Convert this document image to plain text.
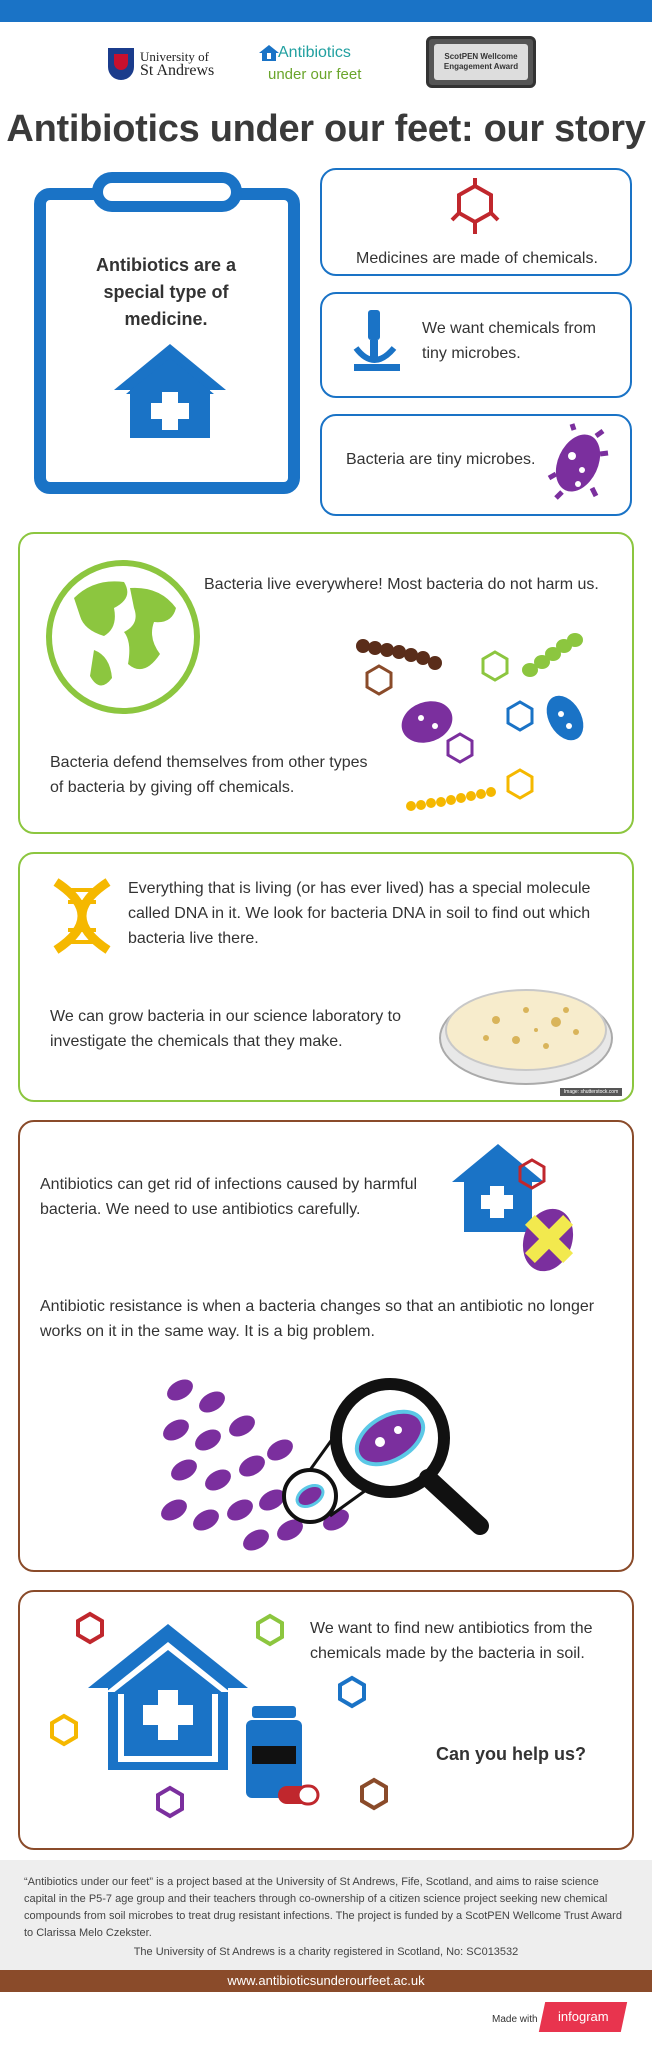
University of
St Andrews
Antibiotics
under our feet
ScotPEN Wellcome Engagement Award
Antibiotics under our feet: our story
Antibiotics are a special type of medicine.
Medicines are made of chemicals.
We want chemicals from tiny microbes.
Bacteria are tiny microbes.
Bacteria live everywhere! Most bacteria do not harm us.
Bacteria defend themselves from other types of bacteria by giving off chemicals.
Everything that is living (or has ever lived) has a special molecule called DNA in it. We look for bacteria DNA in soil to find out which bacteria live there.
We can grow bacteria in our science laboratory to investigate the chemicals that they make.
Image: shutterstock.com
Antibiotics can get rid of infections caused by harmful bacteria. We need to use antibiotics carefully.
Antibiotic resistance is when a bacteria changes so that an antibiotic no longer works on it in the same way. It is a big problem.
We want to find new antibiotics from the chemicals made by the bacteria in soil.
Can you help us?
“Antibiotics under our feet” is a project based at the University of St Andrews, Fife, Scotland, and aims to raise science capital in the P5-7 age group and their teachers through co-ownership of a citizen science project seeking new chemical compounds from soil microbes to treat drug resistant infections. The project is funded by a ScotPEN Wellcome Trust Award to Clarissa Melo Czekster.
The University of St Andrews is a charity registered in Scotland, No: SC013532
www.antibioticsunderourfeet.ac.uk
Made with	infogram
